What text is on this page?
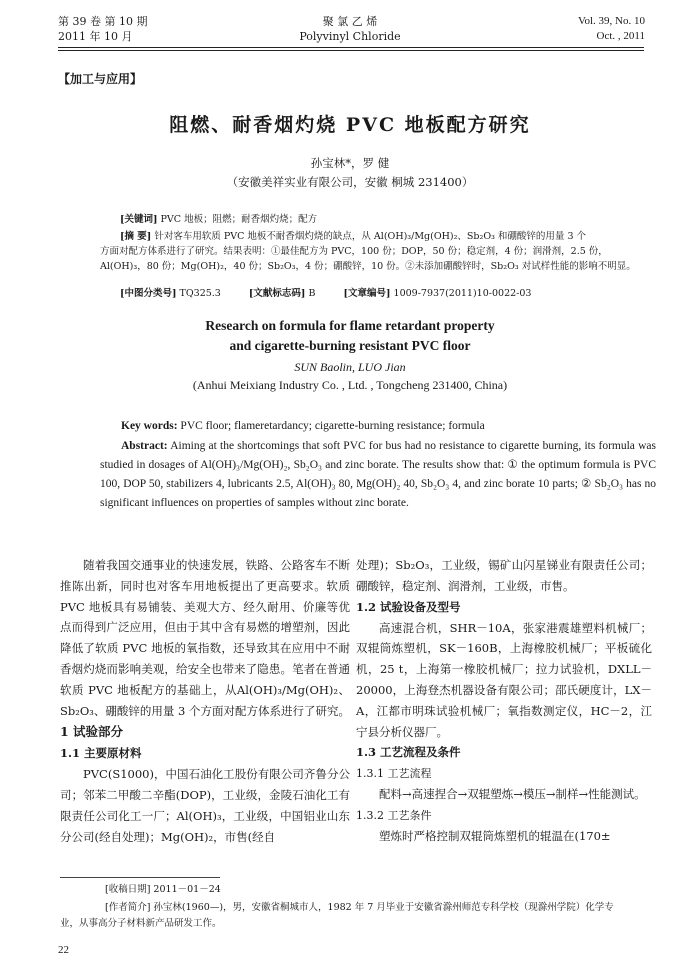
第 39 卷 第 10 期
2011 年 10 月
聚 氯 乙 烯
Polyvinyl Chloride
Vol. 39, No. 10
Oct. , 2011
【加工与应用】
阻燃、耐香烟灼烧 PVC 地板配方研究
孙宝林*，罗 健
（安徽美祥实业有限公司，安徽 桐城 231400）
[关键词] PVC 地板；阻燃；耐香烟灼烧；配方
[摘 要] 针对客车用软质 PVC 地板不耐香烟灼烧的缺点，从 Al(OH)₃/Mg(OH)₂、Sb₂O₃ 和硼酸锌的用量 3 个
方面对配方体系进行了研究。结果表明：①最佳配方为 PVC，100 份；DOP，50 份；稳定剂，4 份；润滑剂，2.5 份，
Al(OH)₃，80 份；Mg(OH)₂，40 份；Sb₂O₃，4 份；硼酸锌，10 份。②未添加硼酸锌时，Sb₂O₃ 对试样性能的影响不明显。
[中图分类号] TQ325.3	[文献标志码] B	[文章编号] 1009-7937(2011)10-0022-03
Research on formula for flame retardant property
and cigarette-burning resistant PVC floor
SUN Baolin, LUO Jian
(Anhui Meixiang Industry Co. , Ltd. , Tongcheng 231400, China)
Key words: PVC floor; flameretardancy; cigarette-burning resistance; formula
Abstract: Aiming at the shortcomings that soft PVC for bus had no resistance to cigarette burning, its formula was studied in dosages of Al(OH)₃/Mg(OH)₂, Sb₂O₃ and zinc borate. The results show that: ① the optimum formula is PVC 100, DOP 50, stabilizers 4, lubricants 2.5, Al(OH)₃ 80, Mg(OH)₂ 40, Sb₂O₃ 4, and zinc borate 10 parts; ② Sb₂O₃ has no significant influences on properties of samples without zinc borate.

随着我国交通事业的快速发展，铁路、公路客车不断推陈出新，同时也对客车用地板提出了更高要求。软质 PVC 地板具有易铺装、美观大方、经久耐用、价廉等优点而得到广泛应用，但由于其中含有易燃的增塑剂，因此降低了软质 PVC 地板的氧指数，还导致其在应用中不耐香烟灼烧而影响美观，给安全也带来了隐患。笔者在普通软质 PVC 地板配方的基础上，从Al(OH)₃/Mg(OH)₂、Sb₂O₃、硼酸锌的用量 3 个方面对配方体系进行了研究。

1 试验部分
1.1 主要原材料

PVC(S1000)，中国石油化工股份有限公司齐鲁分公司；邻苯二甲酸二辛酯(DOP)，工业级，金陵石油化工有限责任公司化工一厂；Al(OH)₃，工业级，中国铝业山东分公司(经自处理)；Mg(OH)₂，市售(经自

处理)；Sb₂O₃，工业级，锡矿山闪星锑业有限责任公司；硼酸锌，稳定剂、润滑剂，工业级，市售。

1.2 试验设备及型号

高速混合机，SHR－10A，张家港震雄塑料机械厂；双辊筒炼塑机，SK－160B，上海橡胶机械厂；平板硫化机，25 t，上海第一橡胶机械厂；拉力试验机，DXLL－20000，上海登杰机器设备有限公司；邵氏硬度计，LX－A，江都市明珠试验机械厂；氧指数测定仪，HC－2，江宁县分析仪器厂。

1.3 工艺流程及条件
1.3.1 工艺流程

配料→高速捏合→双辊塑炼→模压→制样→性能测试。

1.3.2 工艺条件

塑炼时严格控制双辊筒炼塑机的辊温在(170±

[收稿日期] 2011－01－24
[作者简介] 孙宝林(1960—)，男，安徽省桐城市人，1982 年 7 月毕业于安徽省滁州师范专科学校（现滁州学院）化学专
业，从事高分子材料新产品研发工作。
22
